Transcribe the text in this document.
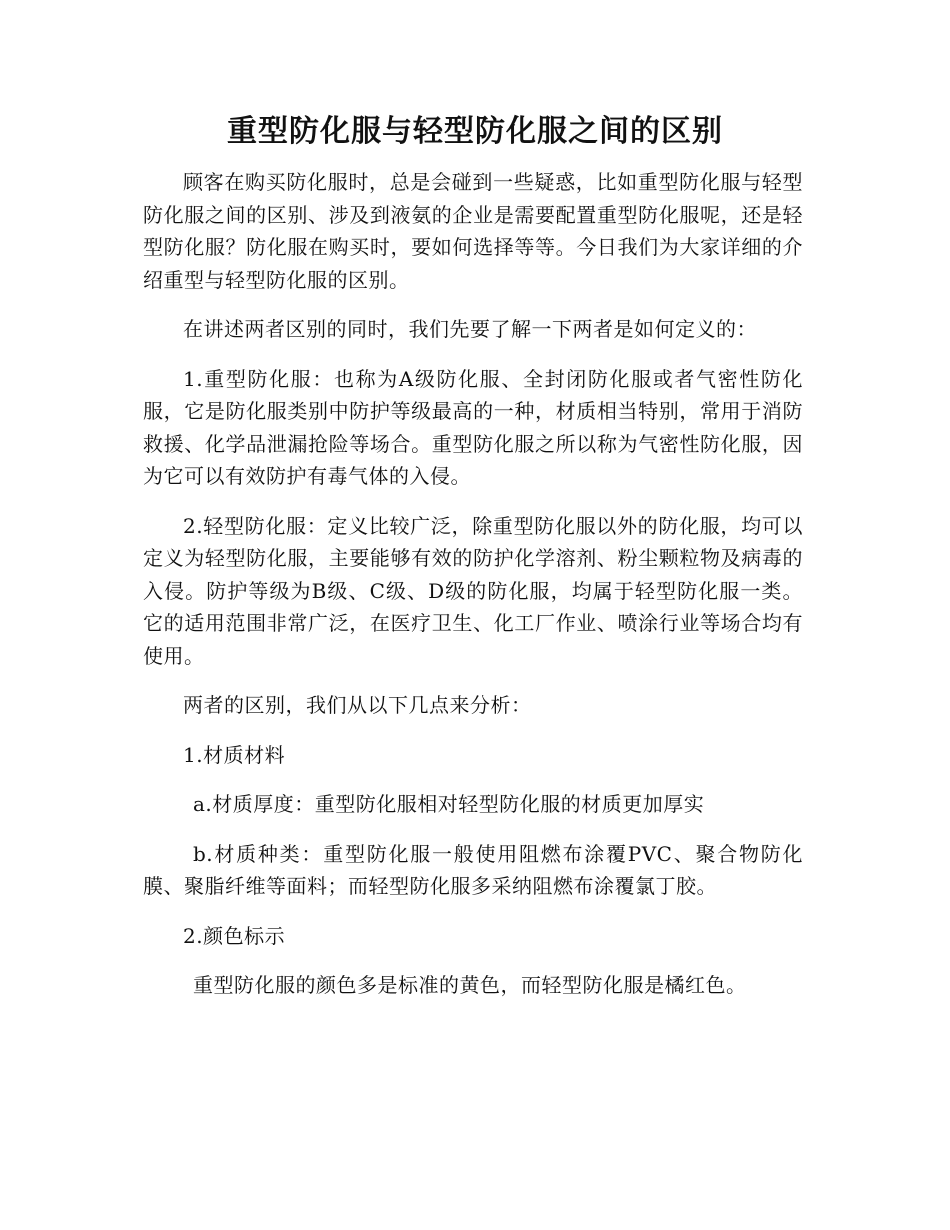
重型防化服与轻型防化服之间的区别

顾客在购买防化服时，总是会碰到一些疑惑，比如重型防化服与轻型防化服之间的区别、涉及到液氨的企业是需要配置重型防化服呢，还是轻型防化服？防化服在购买时，要如何选择等等。今日我们为大家详细的介绍重型与轻型防化服的区别。

在讲述两者区别的同时，我们先要了解一下两者是如何定义的：

1.重型防化服：也称为A级防化服、全封闭防化服或者气密性防化服，它是防化服类别中防护等级最高的一种，材质相当特别，常用于消防救援、化学品泄漏抢险等场合。重型防化服之所以称为气密性防化服，因为它可以有效防护有毒气体的入侵。

2.轻型防化服：定义比较广泛，除重型防化服以外的防化服，均可以定义为轻型防化服，主要能够有效的防护化学溶剂、粉尘颗粒物及病毒的入侵。防护等级为B级、C级、D级的防化服，均属于轻型防化服一类。它的适用范围非常广泛，在医疗卫生、化工厂作业、喷涂行业等场合均有使用。

两者的区别，我们从以下几点来分析：

1.材质材料

a.材质厚度：重型防化服相对轻型防化服的材质更加厚实

b.材质种类：重型防化服一般使用阻燃布涂覆PVC、聚合物防化膜、聚脂纤维等面料；而轻型防化服多采纳阻燃布涂覆氯丁胶。

2.颜色标示

重型防化服的颜色多是标准的黄色，而轻型防化服是橘红色。
